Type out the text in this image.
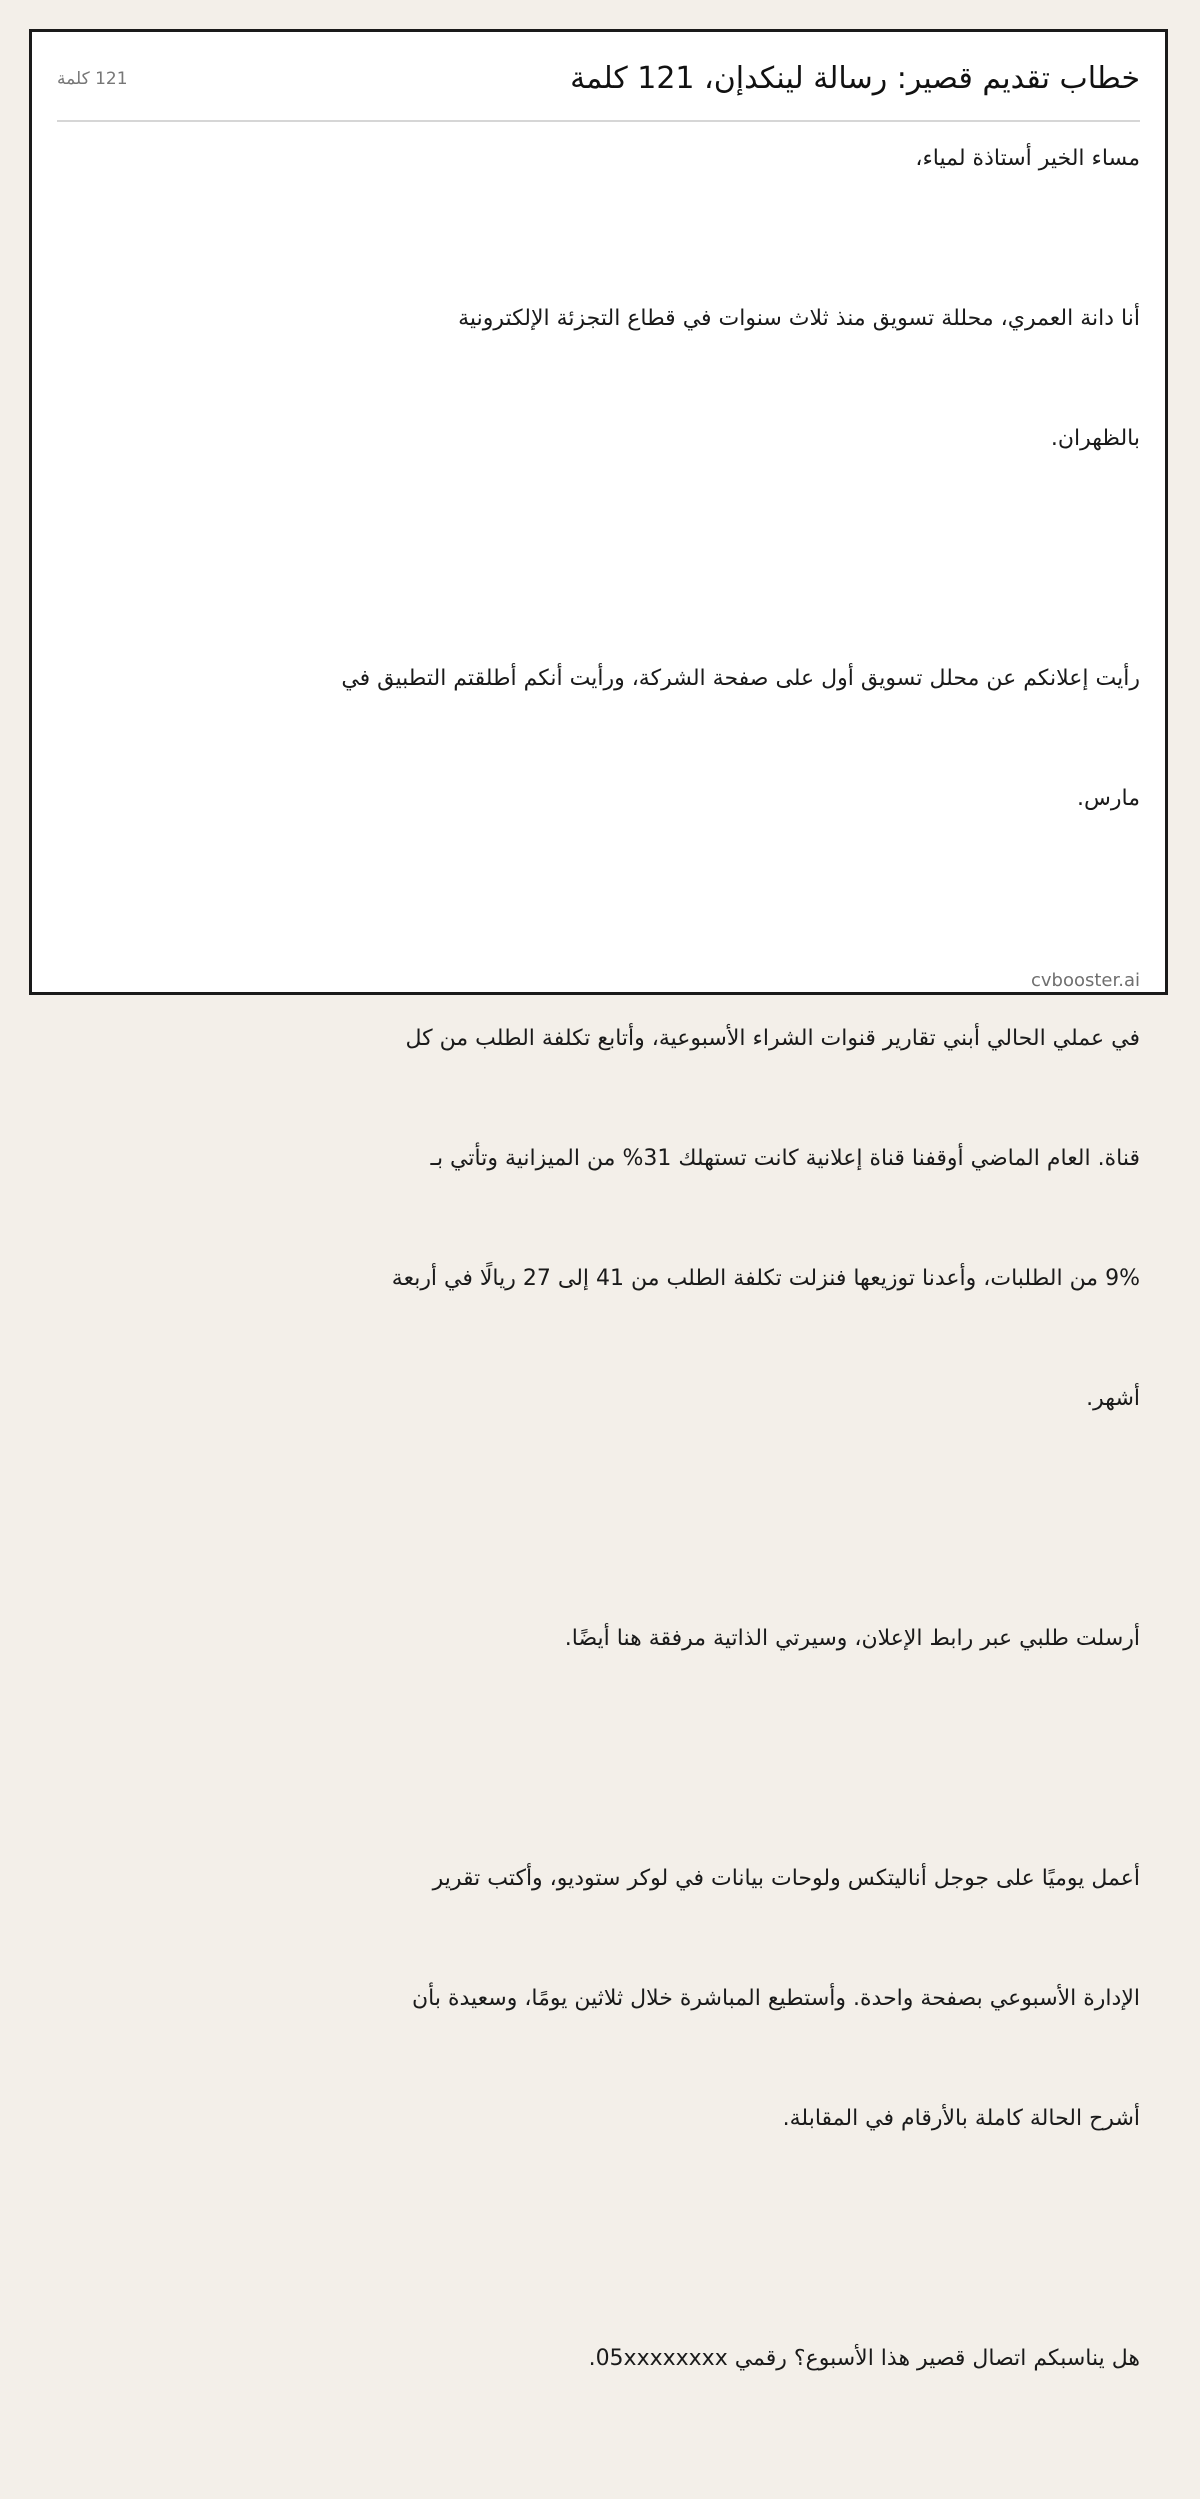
خطاب تقديم قصير: رسالة لينكدإن، 121 كلمة
121 كلمة

مساء الخير أستاذة لمياء،

أنا دانة العمري، محللة تسويق منذ ثلاث سنوات في قطاع التجزئة الإلكترونية

بالظهران.

رأيت إعلانكم عن محلل تسويق أول على صفحة الشركة، ورأيت أنكم أطلقتم التطبيق في

مارس.

في عملي الحالي أبني تقارير قنوات الشراء الأسبوعية، وأتابع تكلفة الطلب من كل

قناة. العام الماضي أوقفنا قناة إعلانية كانت تستهلك 31% من الميزانية وتأتي بـ

9% من الطلبات، وأعدنا توزيعها فنزلت تكلفة الطلب من 41 إلى 27 ريالًا في أربعة

أشهر.

أرسلت طلبي عبر رابط الإعلان، وسيرتي الذاتية مرفقة هنا أيضًا.

أعمل يوميًا على جوجل أناليتكس ولوحات بيانات في لوكر ستوديو، وأكتب تقرير

الإدارة الأسبوعي بصفحة واحدة. وأستطيع المباشرة خلال ثلاثين يومًا، وسعيدة بأن

أشرح الحالة كاملة بالأرقام في المقابلة.

هل يناسبكم اتصال قصير هذا الأسبوع؟ رقمي 05xxxxxxxx.

cvbooster.ai
